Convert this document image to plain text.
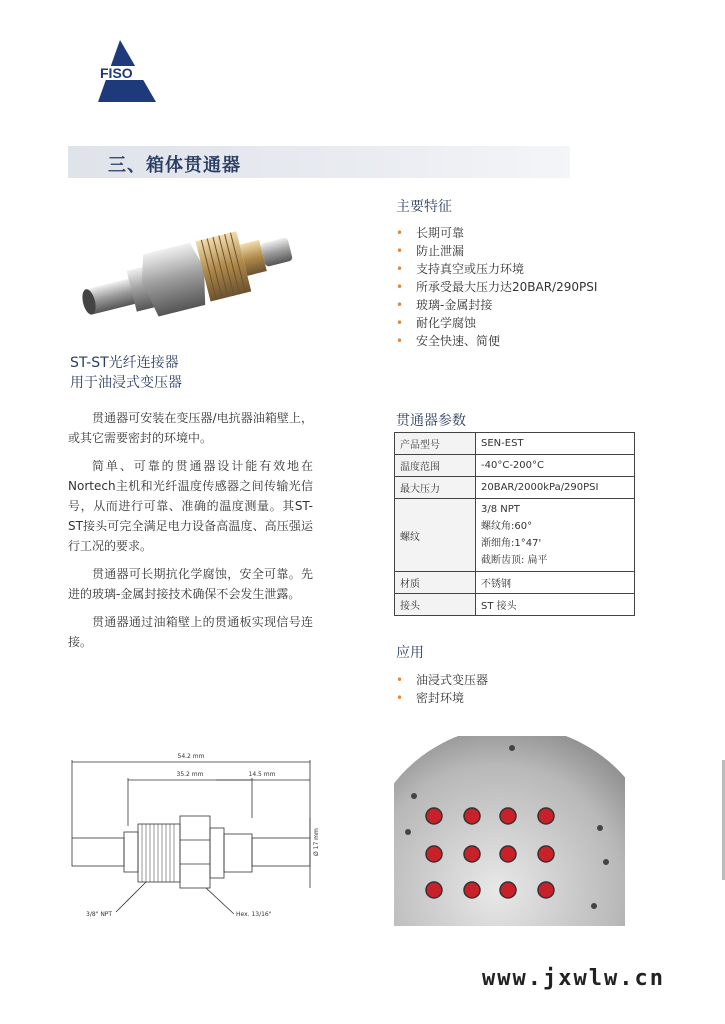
FISO
三、箱体贯通器
ST-ST光纤连接器
用于油浸式变压器

贯通器可安装在变压器/电抗器油箱壁上，或其它需要密封的环境中。

简单、可靠的贯通器设计能有效地在Nortech主机和光纤温度传感器之间传输光信号，从而进行可靠、准确的温度测量。其ST-ST接头可完全满足电力设备高温度、高压强运行工况的要求。

贯通器可长期抗化学腐蚀，安全可靠。先进的玻璃-金属封接技术确保不会发生泄露。

贯通器通过油箱壁上的贯通板实现信号连接。

主要特征
• 长期可靠
• 防止泄漏
• 支持真空或压力环境
• 所承受最大压力达20BAR/290PSI
• 玻璃-金属封接
• 耐化学腐蚀
• 安全快速、简便
贯通器参数
产品型号	SEN-EST
温度范围	-40°C-200°C
最大压力	20BAR/2000kPa/290PSI
螺纹	3/8 NPT
螺纹角:60°
渐细角:1°47'
截断齿顶: 扁平

材质	不锈钢
接头	ST 接头
应用
• 油浸式变压器
• 密封环境
54.2 mm
35.2 mm	14.5 mm
Ø 17 mm
3/8" NPT	Hex. 13/16"
www.jxwlw.cn
